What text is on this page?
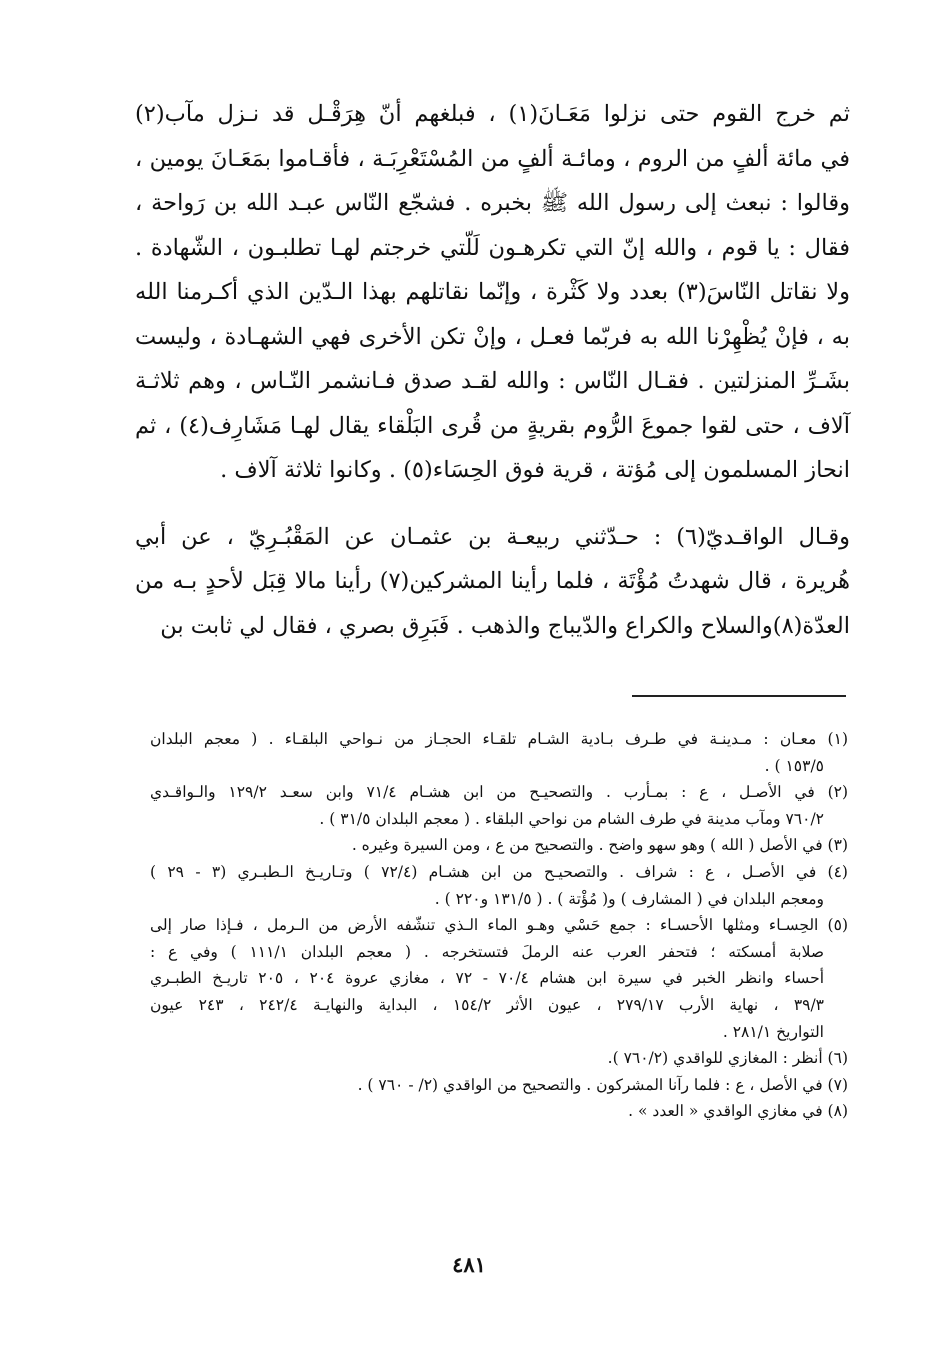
ثم خرج القوم حتى نزلوا مَعَـانَ(١) ، فبلغهم أنّ هِرَقْـل قد نـزل مآب(٢)
في مائة ألفٍ من الروم ، ومائـة ألفٍ من المُسْتَعْرِبَـة ، فأقـاموا بمَعَـانَ يومين ،
وقالوا : نبعث إلى رسول الله ﷺ بخبره . فشجّع النّاس عبـد الله بن رَواحة ،
فقال : يا قوم ، والله إنّ التي تكرهـون لَلّتي خرجتم لهـا تطلبـون ، الشّهادة .
ولا نقاتل النّاسَ(٣) بعدد ولا كَثْرة ، وإنّما نقاتلهم بهذا الـدّين الذي أكـرمنا الله
به ، فإنْ يُظْهِرْنا الله به فربّما فعـل ، وإنْ تكن الأخرى فهي الشهـادة ، وليست
بشَـرِّ المنزلتين . فقـال النّاس : والله لقـد صدق فـانشمر النّـاس ، وهم ثلاثـة
آلاف ، حتى لقوا جموعَ الرُّوم بقريةٍ من قُرى البَلْقاء يقال لهـا مَشَارِف(٤) ، ثم
انحاز المسلمون إلى مُؤتة ، قرية فوق الحِسَاء(٥) . وكانوا ثلاثة آلاف .
وقـال الواقـديّ(٦) : حـدّثني ربيعـة بن عثمـان عن المَقْبُـرِيّ ، عن أبي
هُريرة ، قال شهدتُ مُؤْتَة ، فلما رأينا المشركين(٧) رأينا مالا قِبَل لأحدٍ بـه من
العدّة(٨)والسلاح والكراع والدّيباج والذهب . فَبَرِق بصري ، فقال لي ثابت بن
(١) معـان : مـدينـة في طـرف بـادية الشـام تلقـاء الحجـاز من نـواحي البلقـاء . ( معجم البلدان
١٥٣/٥ ) .
(٢) في الأصـل ، ع : بمـأرب . والتصحيـح من ابن هشـام ٧١/٤ وابن سعـد ١٢٩/٢ والـواقـدي
٧٦٠/٢ ومآب مدينة في طرف الشام من نواحي البلقاء . ( معجم البلدان ٣١/٥ ) .
(٣) في الأصل ( الله ) وهو سهو واضح . والتصحيح من ع ، ومن السيرة وغيره .
(٤) في الأصـل ، ع : شراف . والتصحيـح من ابن هشـام (٧٢/٤ ) وتـاريـخ الـطبـري (٣ - ٢٩ )
ومعجم البلدان في ( المشارف ) و( مُؤْتة ) . ( ١٣١/٥ و٢٢٠ ) .
(٥) الحِسـاء ومثلها الأحسـاء : جمع حَسْي وهـو الماء الـذي تنشّفه الأرض من الـرمل ، فـإذا صار إلى
صلابة أمسكته ؛ فتحفر العرب عنه الرملَ فتستخرجه . ( معجم البلدان ١١١/١ ) وفي ع :
أحساء وانظر الخبر في سيرة ابن هشام ٧٠/٤ - ٧٢ ، مغازي عروة ٢٠٤ ، ٢٠٥ تاريـخ الطبـري
٣٩/٣ ، نهاية الأرب ٢٧٩/١٧ ، عيون الأثر ١٥٤/٢ ، البداية والنهايـة ٢٤٢/٤ ، ٢٤٣ عيون
التواريخ ٢٨١/١ .
(٦) أنظر : المغازي للواقدي (٧٦٠/٢ ).
(٧) في الأصل ، ع : فلما رآنا المشركون . والتصحيح من الواقدي (٢/ - ٧٦٠ ) .
(٨) في مغازي الواقدي « العدد » .
٤٨١
